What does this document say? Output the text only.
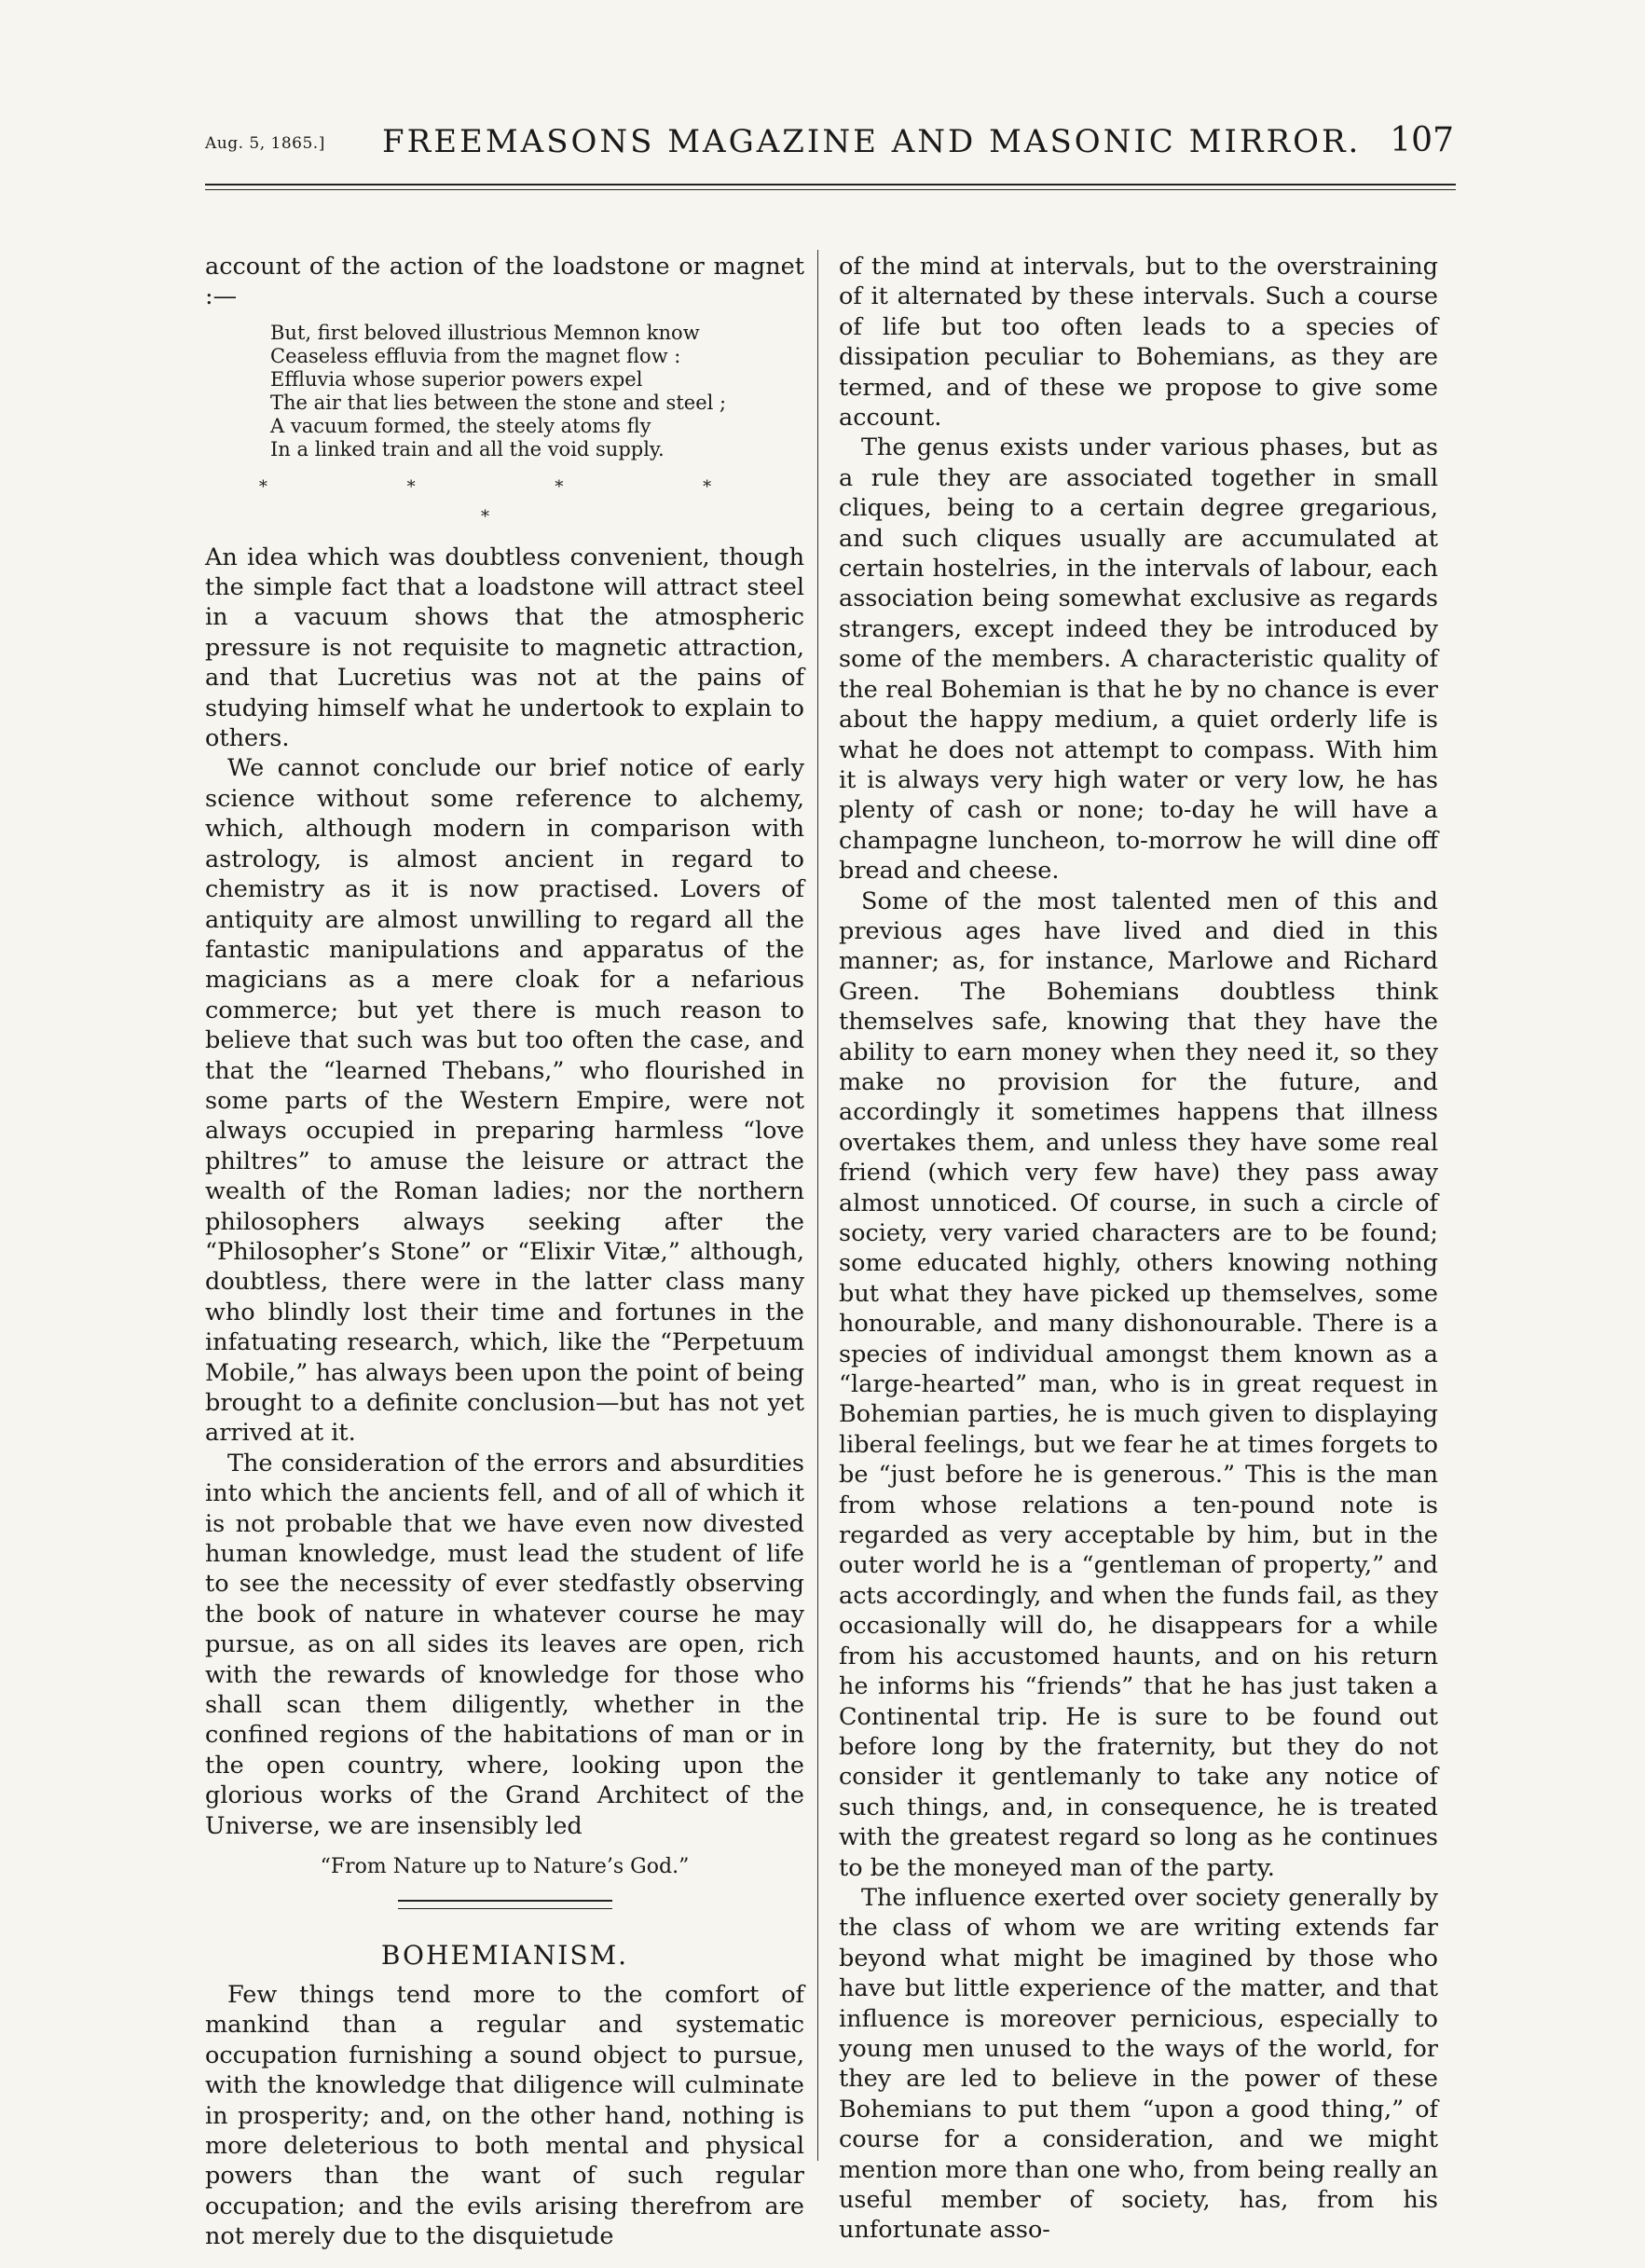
Aug. 5, 1865.] FREEMASONS MAGAZINE AND MASONIC MIRROR. 107

account of the action of the loadstone or magnet :—

But, first beloved illustrious Memnon know
Ceaseless effluvia from the magnet flow :
Effluvia whose superior powers expel
The air that lies between the stone and steel ;
A vacuum formed, the steely atoms fly
In a linked train and all the void supply.
* * * * *

An idea which was doubtless convenient, though the simple fact that a loadstone will attract steel in a vacuum shows that the atmospheric pressure is not requisite to magnetic attraction, and that Lucretius was not at the pains of studying himself what he undertook to explain to others.

We cannot conclude our brief notice of early science without some reference to alchemy, which, although modern in comparison with astrology, is almost ancient in regard to chemistry as it is now practised. Lovers of antiquity are almost unwilling to regard all the fantastic manipulations and apparatus of the magicians as a mere cloak for a nefarious commerce; but yet there is much reason to believe that such was but too often the case, and that the “learned Thebans,” who flourished in some parts of the Western Empire, were not always occupied in preparing harmless “love philtres” to amuse the leisure or attract the wealth of the Roman ladies; nor the northern philosophers always seeking after the “Philosopher’s Stone” or “Elixir Vitæ,” although, doubtless, there were in the latter class many who blindly lost their time and fortunes in the infatuating research, which, like the “Perpetuum Mobile,” has always been upon the point of being brought to a definite conclusion—but has not yet arrived at it.

The consideration of the errors and absurdities into which the ancients fell, and of all of which it is not probable that we have even now divested human knowledge, must lead the student of life to see the necessity of ever stedfastly observing the book of nature in whatever course he may pursue, as on all sides its leaves are open, rich with the rewards of knowledge for those who shall scan them diligently, whether in the confined regions of the habitations of man or in the open country, where, looking upon the glorious works of the Grand Architect of the Universe, we are insensibly led

“From Nature up to Nature’s God.”
BOHEMIANISM.

Few things tend more to the comfort of mankind than a regular and systematic occupation furnishing a sound object to pursue, with the knowledge that diligence will culminate in prosperity; and, on the other hand, nothing is more deleterious to both mental and physical powers than the want of such regular occupation; and the evils arising therefrom are not merely due to the disquietude

of the mind at intervals, but to the overstraining of it alternated by these intervals. Such a course of life but too often leads to a species of dissipation peculiar to Bohemians, as they are termed, and of these we propose to give some account.

The genus exists under various phases, but as a rule they are associated together in small cliques, being to a certain degree gregarious, and such cliques usually are accumulated at certain hostelries, in the intervals of labour, each association being somewhat exclusive as regards strangers, except indeed they be introduced by some of the members. A characteristic quality of the real Bohemian is that he by no chance is ever about the happy medium, a quiet orderly life is what he does not attempt to compass. With him it is always very high water or very low, he has plenty of cash or none; to-day he will have a champagne luncheon, to-morrow he will dine off bread and cheese.

Some of the most talented men of this and previous ages have lived and died in this manner; as, for instance, Marlowe and Richard Green. The Bohemians doubtless think themselves safe, knowing that they have the ability to earn money when they need it, so they make no provision for the future, and accordingly it sometimes happens that illness overtakes them, and unless they have some real friend (which very few have) they pass away almost unnoticed. Of course, in such a circle of society, very varied characters are to be found; some educated highly, others knowing nothing but what they have picked up themselves, some honourable, and many dishonourable. There is a species of individual amongst them known as a “large-hearted” man, who is in great request in Bohemian parties, he is much given to displaying liberal feelings, but we fear he at times forgets to be “just before he is generous.” This is the man from whose relations a ten-pound note is regarded as very acceptable by him, but in the outer world he is a “gentleman of property,” and acts accordingly, and when the funds fail, as they occasionally will do, he disappears for a while from his accustomed haunts, and on his return he informs his “friends” that he has just taken a Continental trip. He is sure to be found out before long by the fraternity, but they do not consider it gentlemanly to take any notice of such things, and, in consequence, he is treated with the greatest regard so long as he continues to be the moneyed man of the party.

The influence exerted over society generally by the class of whom we are writing extends far beyond what might be imagined by those who have but little experience of the matter, and that influence is moreover pernicious, especially to young men unused to the ways of the world, for they are led to believe in the power of these Bohemians to put them “upon a good thing,” of course for a consideration, and we might mention more than one who, from being really an useful member of society, has, from his unfortunate asso-
